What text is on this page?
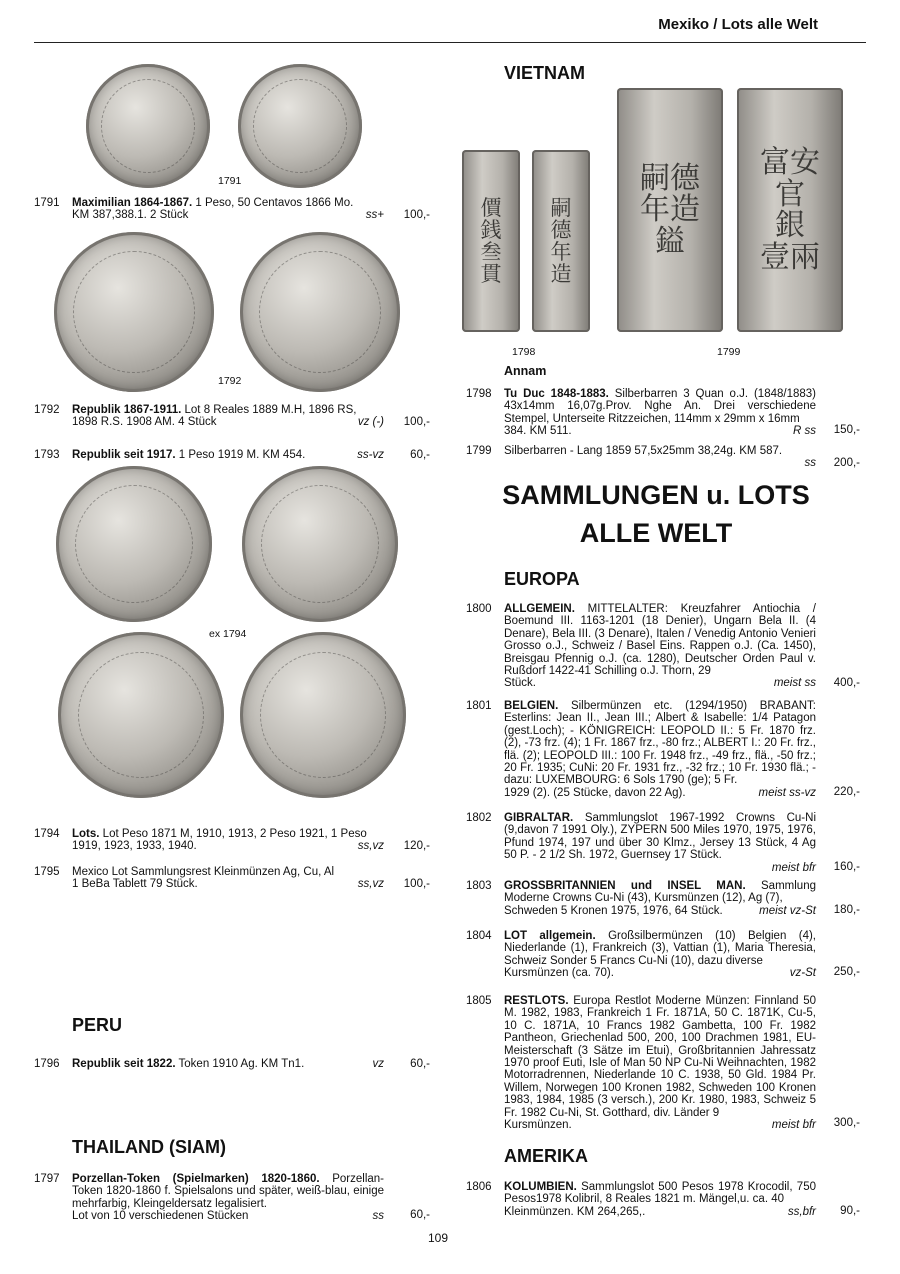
Mexiko / Lots alle Welt
1791
1791 Maximilian 1864-1867. 1 Peso, 50 Centavos 1866 Mo.
KM 387,388.1. 2 Stück	ss+ 100,-
1792
1792 Republik 1867-1911. Lot 8 Reales 1889 M.H, 1896 RS,
1898 R.S. 1908 AM. 4 Stück	vz (-) 100,-
1793 Republik seit 1917. 1 Peso 1919 M. KM 454.	ss-vz 60,-
ex 1794
1794 Lots. Lot Peso 1871 M, 1910, 1913, 2 Peso 1921, 1 Peso
1919, 1923, 1933, 1940.	ss,vz 120,-
1795 Mexico Lot Sammlungsrest Kleinmünzen Ag, Cu, Al
1 BeBa Tablett 79 Stück.	ss,vz 100,-
PERU
1796 Republik seit 1822. Token 1910 Ag. KM Tn1.	vz 60,-
THAILAND (SIAM)
1797 Porzellan-Token (Spielmarken) 1820-1860. Porzellan-Token 1820-1860 f. Spielsalons und später, weiß-blau, einige mehrfarbig, Kleingeldersatz legalisiert.
Lot von 10 verschiedenen Stücken	ss 60,-
VIETNAM
價
銭
叁
貫
嗣
德
年
造
嗣德
年造
鎰
富安
官
銀
壹兩
1798	1799
Annam
1798 Tu Duc 1848-1883. Silberbarren 3 Quan o.J. (1848/1883) 43x14mm 16,07g.Prov. Nghe An. Drei verschiedene Stempel, Unterseite Ritzzeichen, 114mm x 29mm x 16mm
384. KM 511.	R ss 150,-
1799 Silberbarren - Lang 1859 57,5x25mm 38,24g. KM 587.
ss 200,-
SAMMLUNGEN u. LOTS
ALLE WELT
EUROPA
1800 ALLGEMEIN. MITTELALTER: Kreuzfahrer Antiochia / Boemund III. 1163-1201 (18 Denier), Ungarn Bela II. (4 Denare), Bela III. (3 Denare), Italen / Venedig Antonio Venieri Grosso o.J., Schweiz / Basel Eins. Rappen o.J. (Ca. 1450), Breisgau Pfennig o.J. (ca. 1280), Deutscher Orden Paul v. Rußdorf 1422-41 Schilling o.J. Thorn, 29
Stück.	meist ss 400,-
1801 BELGIEN. Silbermünzen etc. (1294/1950) BRABANT: Esterlins: Jean II., Jean III.; Albert & Isabelle: 1/4 Patagon (gest.Loch); - KÖNIGREICH: LEOPOLD II.: 5 Fr. 1870 frz. (2), -73 frz. (4); 1 Fr. 1867 frz., -80 frz.; ALBERT I.: 20 Fr. frz., flä. (2); LEOPOLD III.: 100 Fr. 1948 frz., -49 frz., flä., -50 frz.; 20 Fr. 1935; CuNi: 20 Fr. 1931 frz., -32 frz.; 10 Fr. 1930 flä.; - dazu: LUXEMBOURG: 6 Sols 1790 (ge); 5 Fr.
1929 (2). (25 Stücke, davon 22 Ag).	meist ss-vz 220,-
1802 GIBRALTAR. Sammlungslot 1967-1992 Crowns Cu-Ni (9,davon 7 1991 Oly.), ZYPERN 500 Miles 1970, 1975, 1976, Pfund 1974, 197 und über 30 Klmz., Jersey 13 Stück, 4 Ag 50 P. - 2 1/2 Sh. 1972, Guernsey 17 Stück.
meist bfr 160,-
1803 GROSSBRITANNIEN und INSEL MAN. Sammlung Moderne Crowns Cu-Ni (43), Kursmünzen (12), Ag (7),
Schweden 5 Kronen 1975, 1976, 64 Stück.	meist vz-St 180,-
1804 LOT allgemein. Großsilbermünzen (10) Belgien (4), Niederlande (1), Frankreich (3), Vattian (1), Maria Theresia, Schweiz Sonder 5 Francs Cu-Ni (10), dazu diverse
Kursmünzen (ca. 70).	vz-St 250,-
1805 RESTLOTS. Europa Restlot Moderne Münzen: Finnland 50 M. 1982, 1983, Frankreich 1 Fr. 1871A, 50 C. 1871K, Cu-5, 10 C. 1871A, 10 Francs 1982 Gambetta, 100 Fr. 1982 Pantheon, Griechenlad 500, 200, 100 Drachmen 1981, EU-Meisterschaft (3 Sätze im Etui), Großbritannien Jahressatz 1970 proof Euti, Isle of Man 50 NP Cu-Ni Weihnachten, 1982 Motorradrennen, Niederlande 10 C. 1938, 50 Gld. 1984 Pr. Willem, Norwegen 100 Kronen 1982, Schweden 100 Kronen 1983, 1984, 1985 (3 versch.), 200 Kr. 1980, 1983, Schweiz 5 Fr. 1982 Cu-Ni, St. Gotthard, div. Länder 9
Kursmünzen.	meist bfr 300,-
AMERIKA
1806 KOLUMBIEN. Sammlungslot 500 Pesos 1978 Krocodil, 750 Pesos1978 Kolibril, 8 Reales 1821 m. Mängel,u. ca. 40
Kleinmünzen. KM 264,265,.	ss,bfr 90,-
109
